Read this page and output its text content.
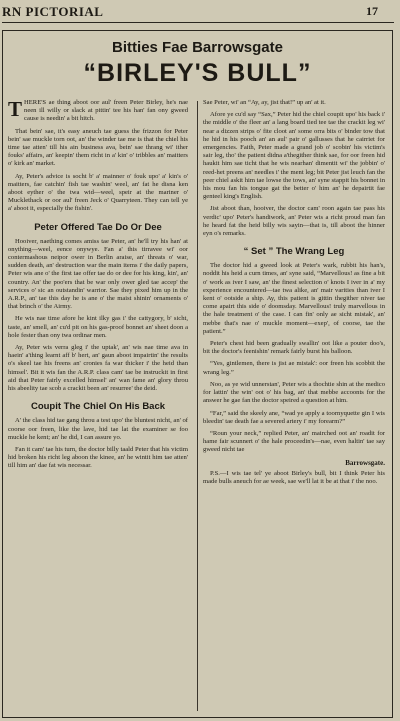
RN PICTORIAL	17
Bitties Fae Barrowsgate
“BIRLEY'S BULL”

THERE'S ae thing aboot oor aul' freen Peter Birley, he's nae neen ill willy or slack at pittin' tee his han' fan ony gweed cause is needin' a bit hitch.

That bein' sae, it's easy aneuch tae guess the frizzon for Peter bein' sae muckle torn oot, an' the winder tae me is that the chiel his time tae atten' till his ain business ava, bein' sae thrang wi' ither fouks' affairs, an' keepin' them richt in a' kin' o' tribbles an' maitters o' kirk an' market.

Ay, Peter's advice is socht b' a' mainner o' fouk upo' a' kin's o' maitters, fae catchin' fish tae washin' weel, an' fat he disna ken aboot eyther o' the twa wid—weel, speir at the mariner o' Mucklethack or oor aul' freen Jeck o' Quarryteen. They can tell ye a' aboot it, especially the fishin'.

Peter Offered Tae Do Or Dee

Hooiver, naething comes amiss tae Peter, an' he'll try his han' at onything—weel, eence onywye. Fan a' this tirravee wi' oor contermashous neipor ower in Berlin araise, an' threats o' war, sudden death, an' destruction war the main items i' the daily papers, Peter wis ane o' the first tae offer tae do or dee for his king, kin', an' country. An' the poo'ers that be war only ower gled tae accep' the services o' sic an outstandin' warrior. Sae they pixed him up in the A.R.P., an' tae this day he is ane o' the maist shinin' ornaments o' that brinch o' the Airmy.

He wis nae time afore he kint ilky gas i' the cattygory, b' sicht, taste, an' smell, an' cu'd pit on his gas-proof bonnet an' sheet doon a hole fester than ony twa ordinar men.

Ay, Peter wis verra gleg i' the uptak', an' wis nae time ava in haein' a'thing learnt aff b' hert, an' gaun aboot impairtin' the results o's skeel tae his freens an' cronies fa war thicker i' the heid than himsel'. Bit it wis fan the A.R.P. class cam' tae be instruckit in first aid that Peter fairly excelled himsel' an' wan fame an' glory throu his abeelity tae scob a crackit been an' resurree' the deid.

Coupit The Chiel On His Back

A' the class hid tae gang throu a test upo' the bluntest nicht, an' of coorse oor freen, like the lave, hid tae lat the examiner se foo muckle he kent; an' he did, I can assure yo.

Fan it cam' tae his turn, the doctor billy taald Peter that his victim hid broken his richt leg aboon the kinee, an' he wintit him tae atten' till him an' dae fat wis necessar.

Sae Peter, wi' an “Ay, ay, jist that!” up an' at it.

Afore ye cu'd say “Sax,” Peter hid the chiel coupit upo' his back i' the middle o' the fleer an' a lang board tied tee tae the crackit leg wi' near a dizzen strips o' fite cloot an' some orra bits o' binder tow that he hid in his pooch an' an aul' pair o' gallusses that he cairriet for emergencies. Faith, Peter made a grand job o' scobin' his victim's sair leg, tho' the patient didna a'thegither think sae, for oor freen hid haukit him sae ticht that he wis nearhan' dimentit wi' the jobbin' o' reed-het preens an' needles i' the ment leg; bit Peter jist leuch fan the peer chiel askit him tae lowse the tows, an' syne stappit his bonnet in his mou fan his tongue gat the better o' him an' he depairtit fae genteel king's English.

Jist aboot than, hooiver, the doctor cam' roon again tae pass his verdic' upo' Peter's handiwork, an' Peter wis a richt proud man fan he heard fat the heid billy wis sayin—that is, till aboot the hinner eyn o's remarks.

“ Set ” The Wrang Leg

The doctor hid a gweed look at Peter's wark, rubbit his han's, noddit his heid a curn times, an' syne said, “Marvellous! as fine a bit o' work as iver I saw, an' the finest selection o' knots I iver in a' my experience encountered—tae twa alike, an' mair varities than iver I kent o' ootside a ship. Ay, this patient is gittin thegither niver tae come apairt this side o' doomsday. Marvellous! truly marvellous in the hale treatment o' the case. I can fin' only ae sicht mistak', an' mebbe that's nae o' muckle moment—exep', of coorse, tae the patient.”

Peter's chest hid been gradually swallin' oot like a pouter doo's, bit the doctor's feenishin' remark fairly burst his balloon.

“Yes, gintlemen, there is jist ae mistak': oor freen his scobbit the wrang leg.”

Noo, as ye wid unnerstan', Peter wis a thochtie shin at the medico for lattin' the win' oot o' his bag, an' that mebbe accoonts for the answer he gae fan the doctor speired a question at him.

“Far,” said the skeely ane, “wad ye apply a toornyquette gin I wis bleedin' tae death fae a severed artery i' my forearm?”

“Roun your neck,” replied Peter, an' mairched oot an' roadit for hame fair scunnert o' the hale proceedin's—nae, even haltin' tae say gweed nicht tae

Barrowsgate.

P.S.—I wis tae tel' ye aboot Birley's bull, bit I think Peter his made bulls aneuch for ae week, sae we'll lat it be at that i' the noo.
